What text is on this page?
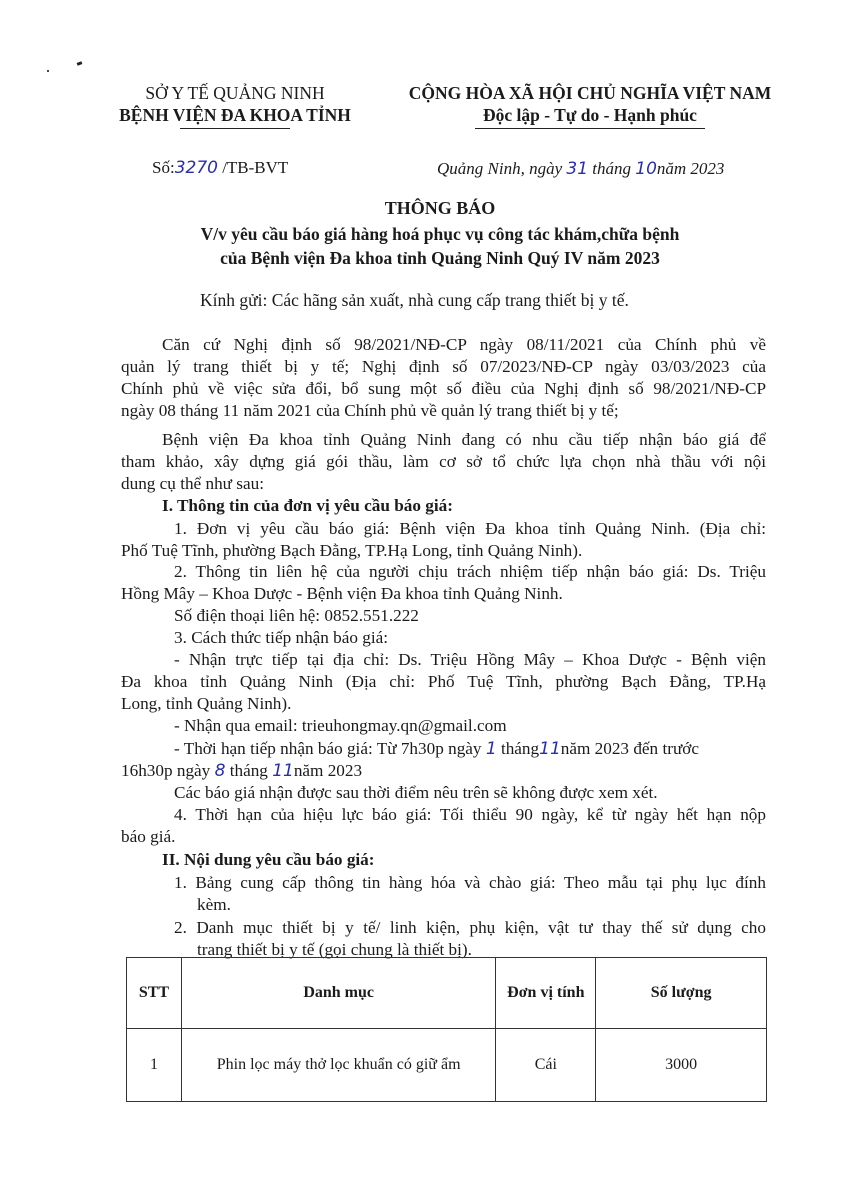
SỞ Y TẾ QUẢNG NINH
BỆNH VIỆN ĐA KHOA TỈNH
CỘNG HÒA XÃ HỘI CHỦ NGHĨA VIỆT NAM
Độc lập - Tự do - Hạnh phúc
Số:3270 /TB-BVT	Quảng Ninh, ngày 31 tháng 10năm 2023
THÔNG BÁO
V/v yêu cầu báo giá hàng hoá phục vụ công tác khám,chữa bệnh
của Bệnh viện Đa khoa tỉnh Quảng Ninh Quý IV năm 2023
Kính gửi: Các hãng sản xuất, nhà cung cấp trang thiết bị y tế.
Căn cứ Nghị định số 98/2021/NĐ-CP ngày 08/11/2021 của Chính phủ về
quản lý trang thiết bị y tế; Nghị định số 07/2023/NĐ-CP ngày 03/03/2023 của
Chính phủ về việc sửa đổi, bổ sung một số điều của Nghị định số 98/2021/NĐ-CP
ngày 08 tháng 11 năm 2021 của Chính phủ về quản lý trang thiết bị y tế;
Bệnh viện Đa khoa tỉnh Quảng Ninh đang có nhu cầu tiếp nhận báo giá để
tham khảo, xây dựng giá gói thầu, làm cơ sở tổ chức lựa chọn nhà thầu với nội
dung cụ thể như sau:
I. Thông tin của đơn vị yêu cầu báo giá:
1. Đơn vị yêu cầu báo giá: Bệnh viện Đa khoa tỉnh Quảng Ninh. (Địa chỉ:
Phố Tuệ Tĩnh, phường Bạch Đằng, TP.Hạ Long, tỉnh Quảng Ninh).
2. Thông tin liên hệ của người chịu trách nhiệm tiếp nhận báo giá: Ds. Triệu
Hồng Mây – Khoa Dược - Bệnh viện Đa khoa tỉnh Quảng Ninh.
Số điện thoại liên hệ: 0852.551.222
3. Cách thức tiếp nhận báo giá:
- Nhận trực tiếp tại địa chỉ: Ds. Triệu Hồng Mây – Khoa Dược - Bệnh viện
Đa khoa tỉnh Quảng Ninh (Địa chỉ: Phố Tuệ Tĩnh, phường Bạch Đằng, TP.Hạ
Long, tỉnh Quảng Ninh).
- Nhận qua email: trieuhongmay.qn@gmail.com
- Thời hạn tiếp nhận báo giá: Từ 7h30p ngày 1 tháng11năm 2023 đến trước
16h30p ngày 8 tháng 11năm 2023
Các báo giá nhận được sau thời điểm nêu trên sẽ không được xem xét.
4. Thời hạn của hiệu lực báo giá: Tối thiểu 90 ngày, kể từ ngày hết hạn nộp
báo giá.
II. Nội dung yêu cầu báo giá:
1. Bảng cung cấp thông tin hàng hóa và chào giá: Theo mẫu tại phụ lục đính
kèm.
2. Danh mục thiết bị y tế/ linh kiện, phụ kiện, vật tư thay thế sử dụng cho
trang thiết bị y tế (gọi chung là thiết bị).
STT	Danh mục	Đơn vị tính	Số lượng
1	Phin lọc máy thở lọc khuẩn có giữ ẩm	Cái	3000
